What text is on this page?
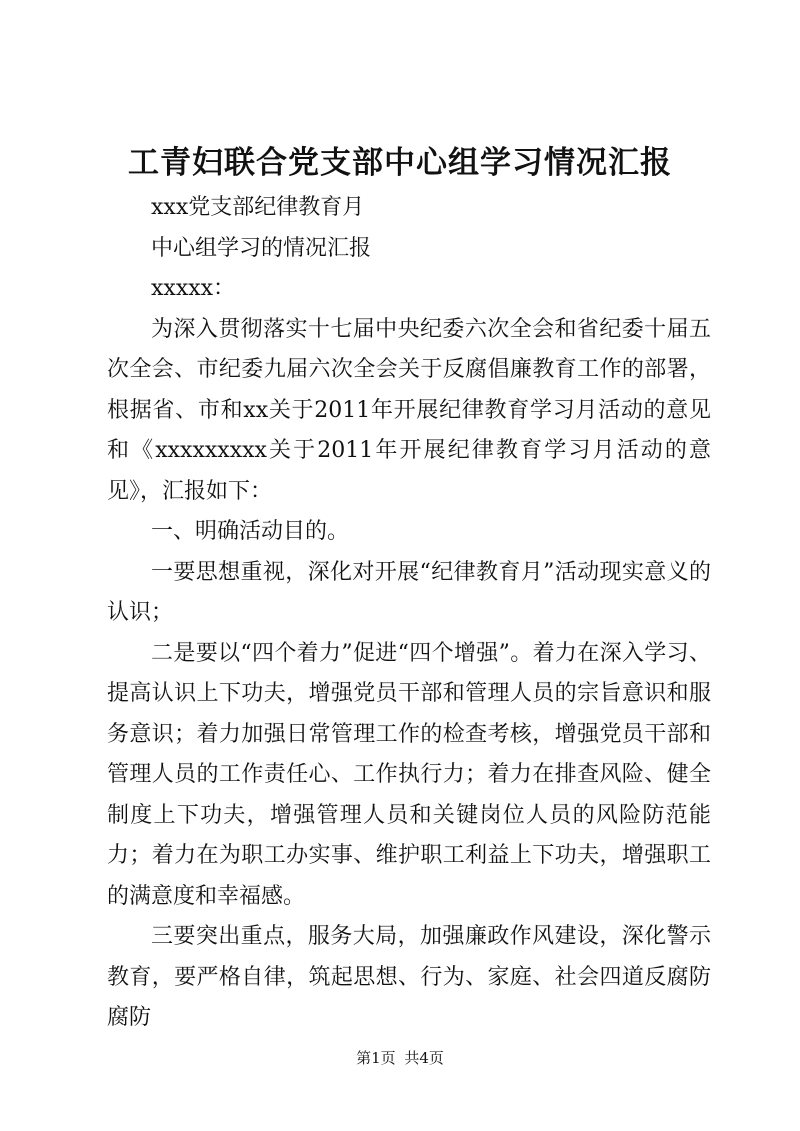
工青妇联合党支部中心组学习情况汇报

xxx党支部纪律教育月

中心组学习的情况汇报

xxxxx：

为深入贯彻落实十七届中央纪委六次全会和省纪委十届五次全会、市纪委九届六次全会关于反腐倡廉教育工作的部署，根据省、市和xx关于2011年开展纪律教育学习月活动的意见和《xxxxxxxxx关于2011年开展纪律教育学习月活动的意见》，汇报如下：

一、明确活动目的。

一要思想重视，深化对开展“纪律教育月”活动现实意义的认识；

二是要以“四个着力”促进“四个增强”。着力在深入学习、提高认识上下功夫，增强党员干部和管理人员的宗旨意识和服务意识；着力加强日常管理工作的检查考核，增强党员干部和管理人员的工作责任心、工作执行力；着力在排查风险、健全制度上下功夫，增强管理人员和关键岗位人员的风险防范能力；着力在为职工办实事、维护职工利益上下功夫，增强职工的满意度和幸福感。

三要突出重点，服务大局，加强廉政作风建设，深化警示教育，要严格自律，筑起思想、行为、家庭、社会四道反腐防腐防

第1页 共4页
